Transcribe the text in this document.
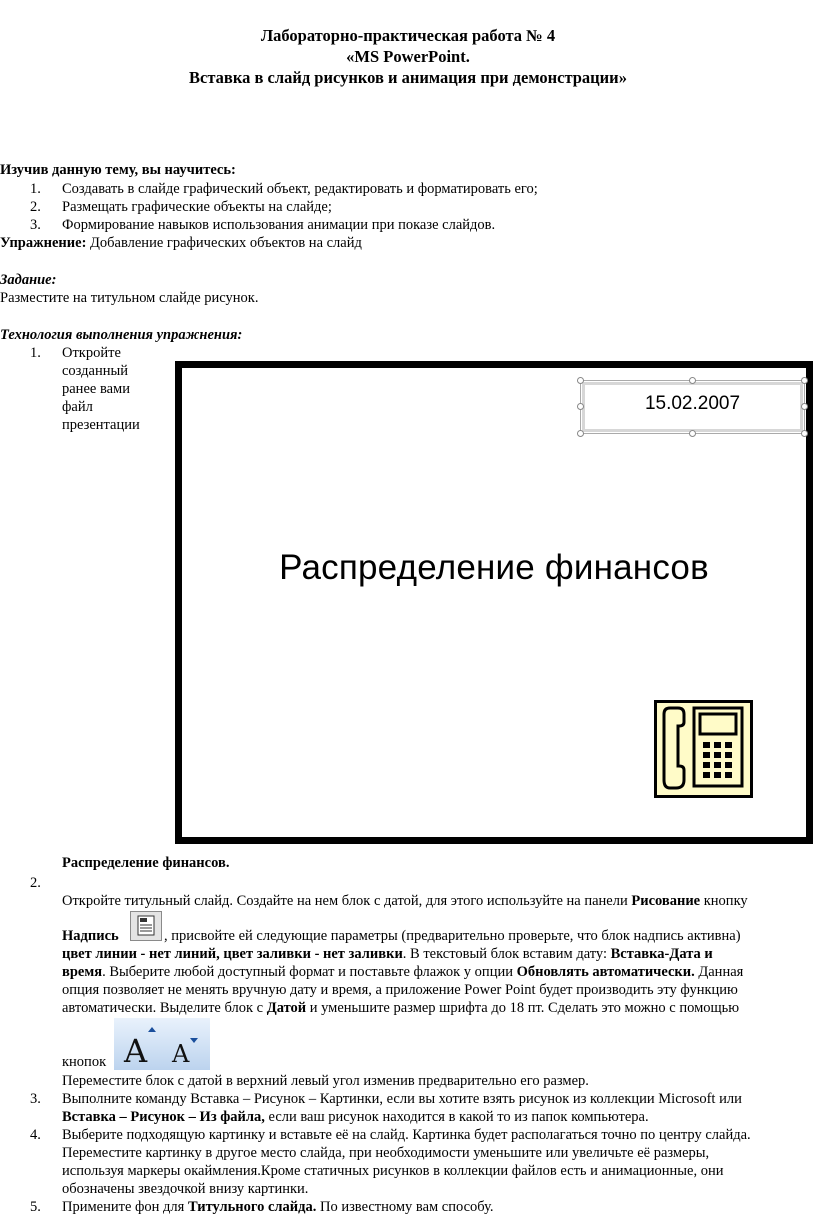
Лабораторно-практическая работа № 4
«MS PowerPoint.
Вставка в слайд рисунков и анимация при демонстрации»
Изучив данную тему, вы научитесь:
1. Создавать в слайде графический объект, редактировать и форматировать его;
2. Размещать графические объекты на слайде;
3. Формирование навыков использования анимации при показе слайдов.
Упражнение: Добавление графических объектов на слайд
Задание:
Разместите на титульном слайде рисунок.
Технология выполнения упражнения:
1. Откройте
созданный
ранее вами
файл
презентации
15.02.2007
Распределение финансов
Распределение финансов.
2.
Откройте титульный слайд. Создайте на нем блок с датой, для этого используйте на панели Рисование кнопку
Надпись	, присвойте ей следующие параметры (предварительно проверьте, что блок надпись активна)
цвет линии - нет линий, цвет заливки - нет заливки. В текстовый блок вставим дату: Вставка-Дата и
время. Выберите любой доступный формат и поставьте флажок у опции Обновлять автоматически. Данная
опция позволяет не менять вручную дату и время, а приложение Power Point будет производить эту функцию
автоматически. Выделите блок с Датой и уменьшите размер шрифта до 18 пт. Сделать это можно с помощью
кнопок A A
Переместите блок с датой в верхний левый угол изменив предварительно его размер.
3. Выполните команду Вставка – Рисунок – Картинки, если вы хотите взять рисунок из коллекции Microsoft или
Вставка – Рисунок – Из файла, если ваш рисунок находится в какой то из папок компьютера.
4. Выберите подходящую картинку и вставьте её на слайд. Картинка будет располагаться точно по центру слайда.
Переместите картинку в другое место слайда, при необходимости уменьшите или увеличьте её размеры,
используя маркеры окаймления.Кроме статичных рисунков в коллекции файлов есть и анимационные, они
обозначены звездочкой внизу картинки.
5. Примените фон для Титульного слайда. По известному вам способу.
